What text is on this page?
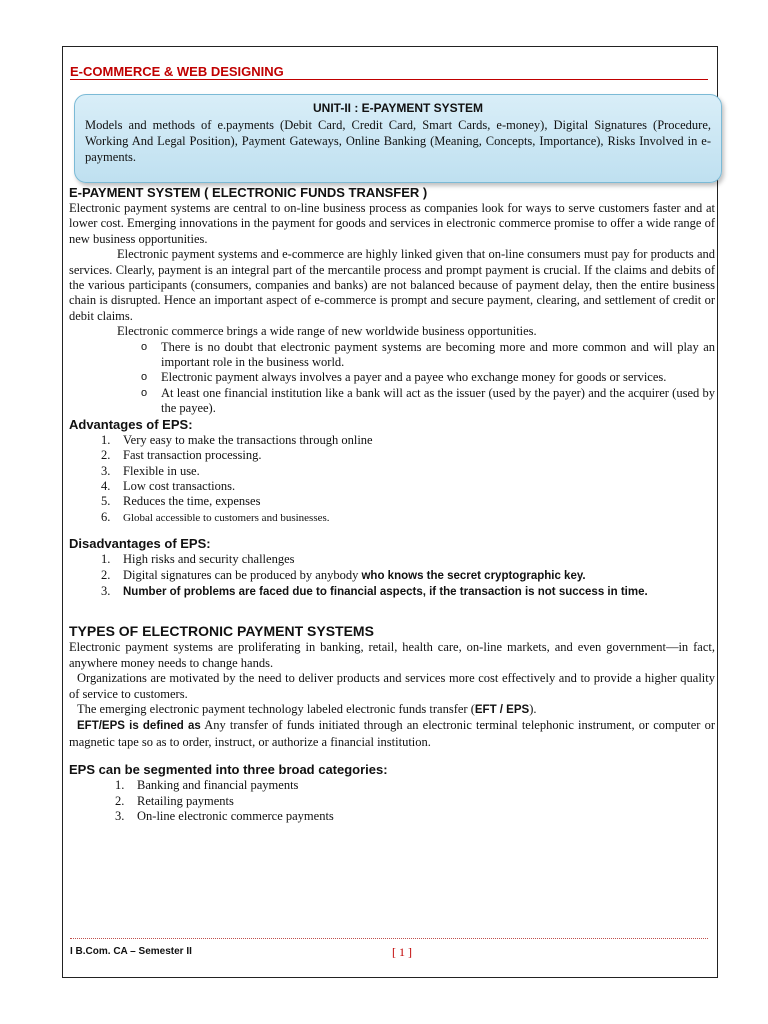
E-COMMERCE & WEB DESIGNING
UNIT-II : E-PAYMENT SYSTEM

Models and methods of e.payments (Debit Card, Credit Card, Smart Cards, e-money), Digital Signatures (Procedure, Working And Legal Position), Payment Gateways, Online Banking (Meaning, Concepts, Importance), Risks Involved in e-payments.

E-PAYMENT SYSTEM ( ELECTRONIC FUNDS TRANSFER )

Electronic payment systems are central to on-line business process as companies look for ways to serve customers faster and at lower cost. Emerging innovations in the payment for goods and services in electronic commerce promise to offer a wide range of new business opportunities.

Electronic payment systems and e-commerce are highly linked given that on-line consumers must pay for products and services. Clearly, payment is an integral part of the mercantile process and prompt payment is crucial. If the claims and debits of the various participants (consumers, companies and banks) are not balanced because of payment delay, then the entire business chain is disrupted. Hence an important aspect of e-commerce is prompt and secure payment, clearing, and settlement of credit or debit claims.

Electronic commerce brings a wide range of new worldwide business opportunities.

o There is no doubt that electronic payment systems are becoming more and more common and will play an important role in the business world.
o Electronic payment always involves a payer and a payee who exchange money for goods or services.
o At least one financial institution like a bank will act as the issuer (used by the payer) and the acquirer (used by the payee).

Advantages of EPS:

1. Very easy to make the transactions through online
2. Fast transaction processing.
3. Flexible in use.
4. Low cost transactions.
5. Reduces the time, expenses
6. Global accessible to customers and businesses.

Disadvantages of EPS:

1. High risks and security challenges
2. Digital signatures can be produced by anybody who knows the secret cryptographic key.
3. Number of problems are faced due to financial aspects, if the transaction is not success in time.

TYPES OF ELECTRONIC PAYMENT SYSTEMS

Electronic payment systems are proliferating in banking, retail, health care, on-line markets, and even government—in fact, anywhere money needs to change hands.

Organizations are motivated by the need to deliver products and services more cost effectively and to provide a higher quality of service to customers.

The emerging electronic payment technology labeled electronic funds transfer (EFT / EPS).

EFT/EPS is defined as Any transfer of funds initiated through an electronic terminal telephonic instrument, or computer or magnetic tape so as to order, instruct, or authorize a financial institution.

EPS can be segmented into three broad categories:

1. Banking and financial payments
2. Retailing payments
3. On-line electronic commerce payments
I B.Com. CA – Semester II	[ 1 ]
